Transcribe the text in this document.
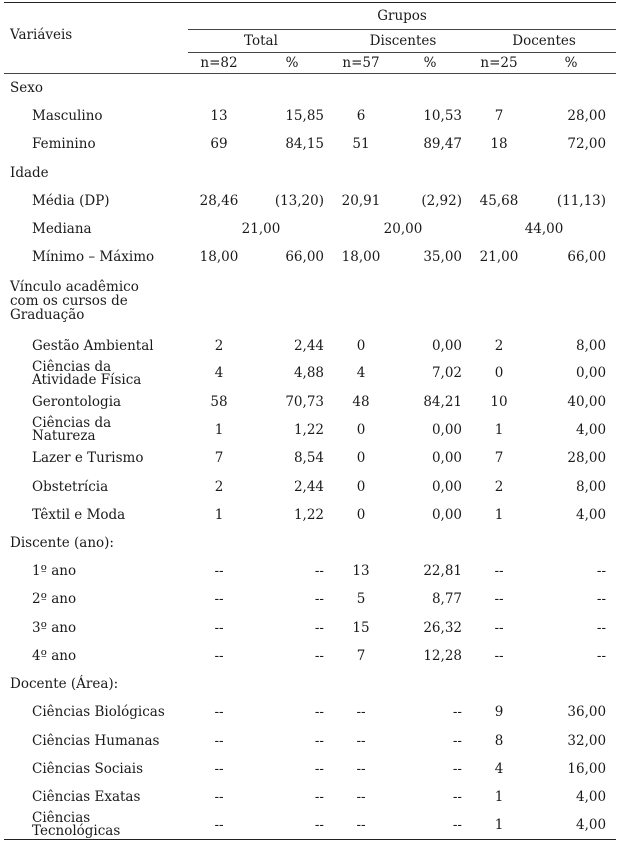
Variáveis	Grupos					
	Total		Discentes		Docentes	
	n=82	%	n=57	%	n=25	%
Sexo						
Masculino	13	15,85	6	10,53	7	28,00
Feminino	69	84,15	51	89,47	18	72,00
Idade						
Média (DP)	28,46	(13,20)	20,91	(2,92)	45,68	(11,13)
Mediana	21,00		20,00		44,00	
Mínimo – Máximo	18,00	66,00	18,00	35,00	21,00	66,00

Vínculo acadêmico
com os cursos de
Graduação						

Gestão Ambiental	2	2,44	0	0,00	2	8,00

Ciências da
Atividade Física	4	4,88	4	7,02	0	0,00
Gerontologia	58	70,73	48	84,21	10	40,00

Ciências da
Natureza	1	1,22	0	0,00	1	4,00
Lazer e Turismo	7	8,54	0	0,00	7	28,00
Obstetrícia	2	2,44	0	0,00	2	8,00
Têxtil e Moda	1	1,22	0	0,00	1	4,00
Discente (ano):						
1º ano	--	--	13	22,81	--	--
2º ano	--	--	5	8,77	--	--
3º ano	--	--	15	26,32	--	--
4º ano	--	--	7	12,28	--	--
Docente (Área):						
Ciências Biológicas	--	--	--	--	9	36,00
Ciências Humanas	--	--	--	--	8	32,00
Ciências Sociais	--	--	--	--	4	16,00
Ciências Exatas	--	--	--	--	1	4,00

Ciências
Tecnológicas	--	--	--	--	1	4,00
